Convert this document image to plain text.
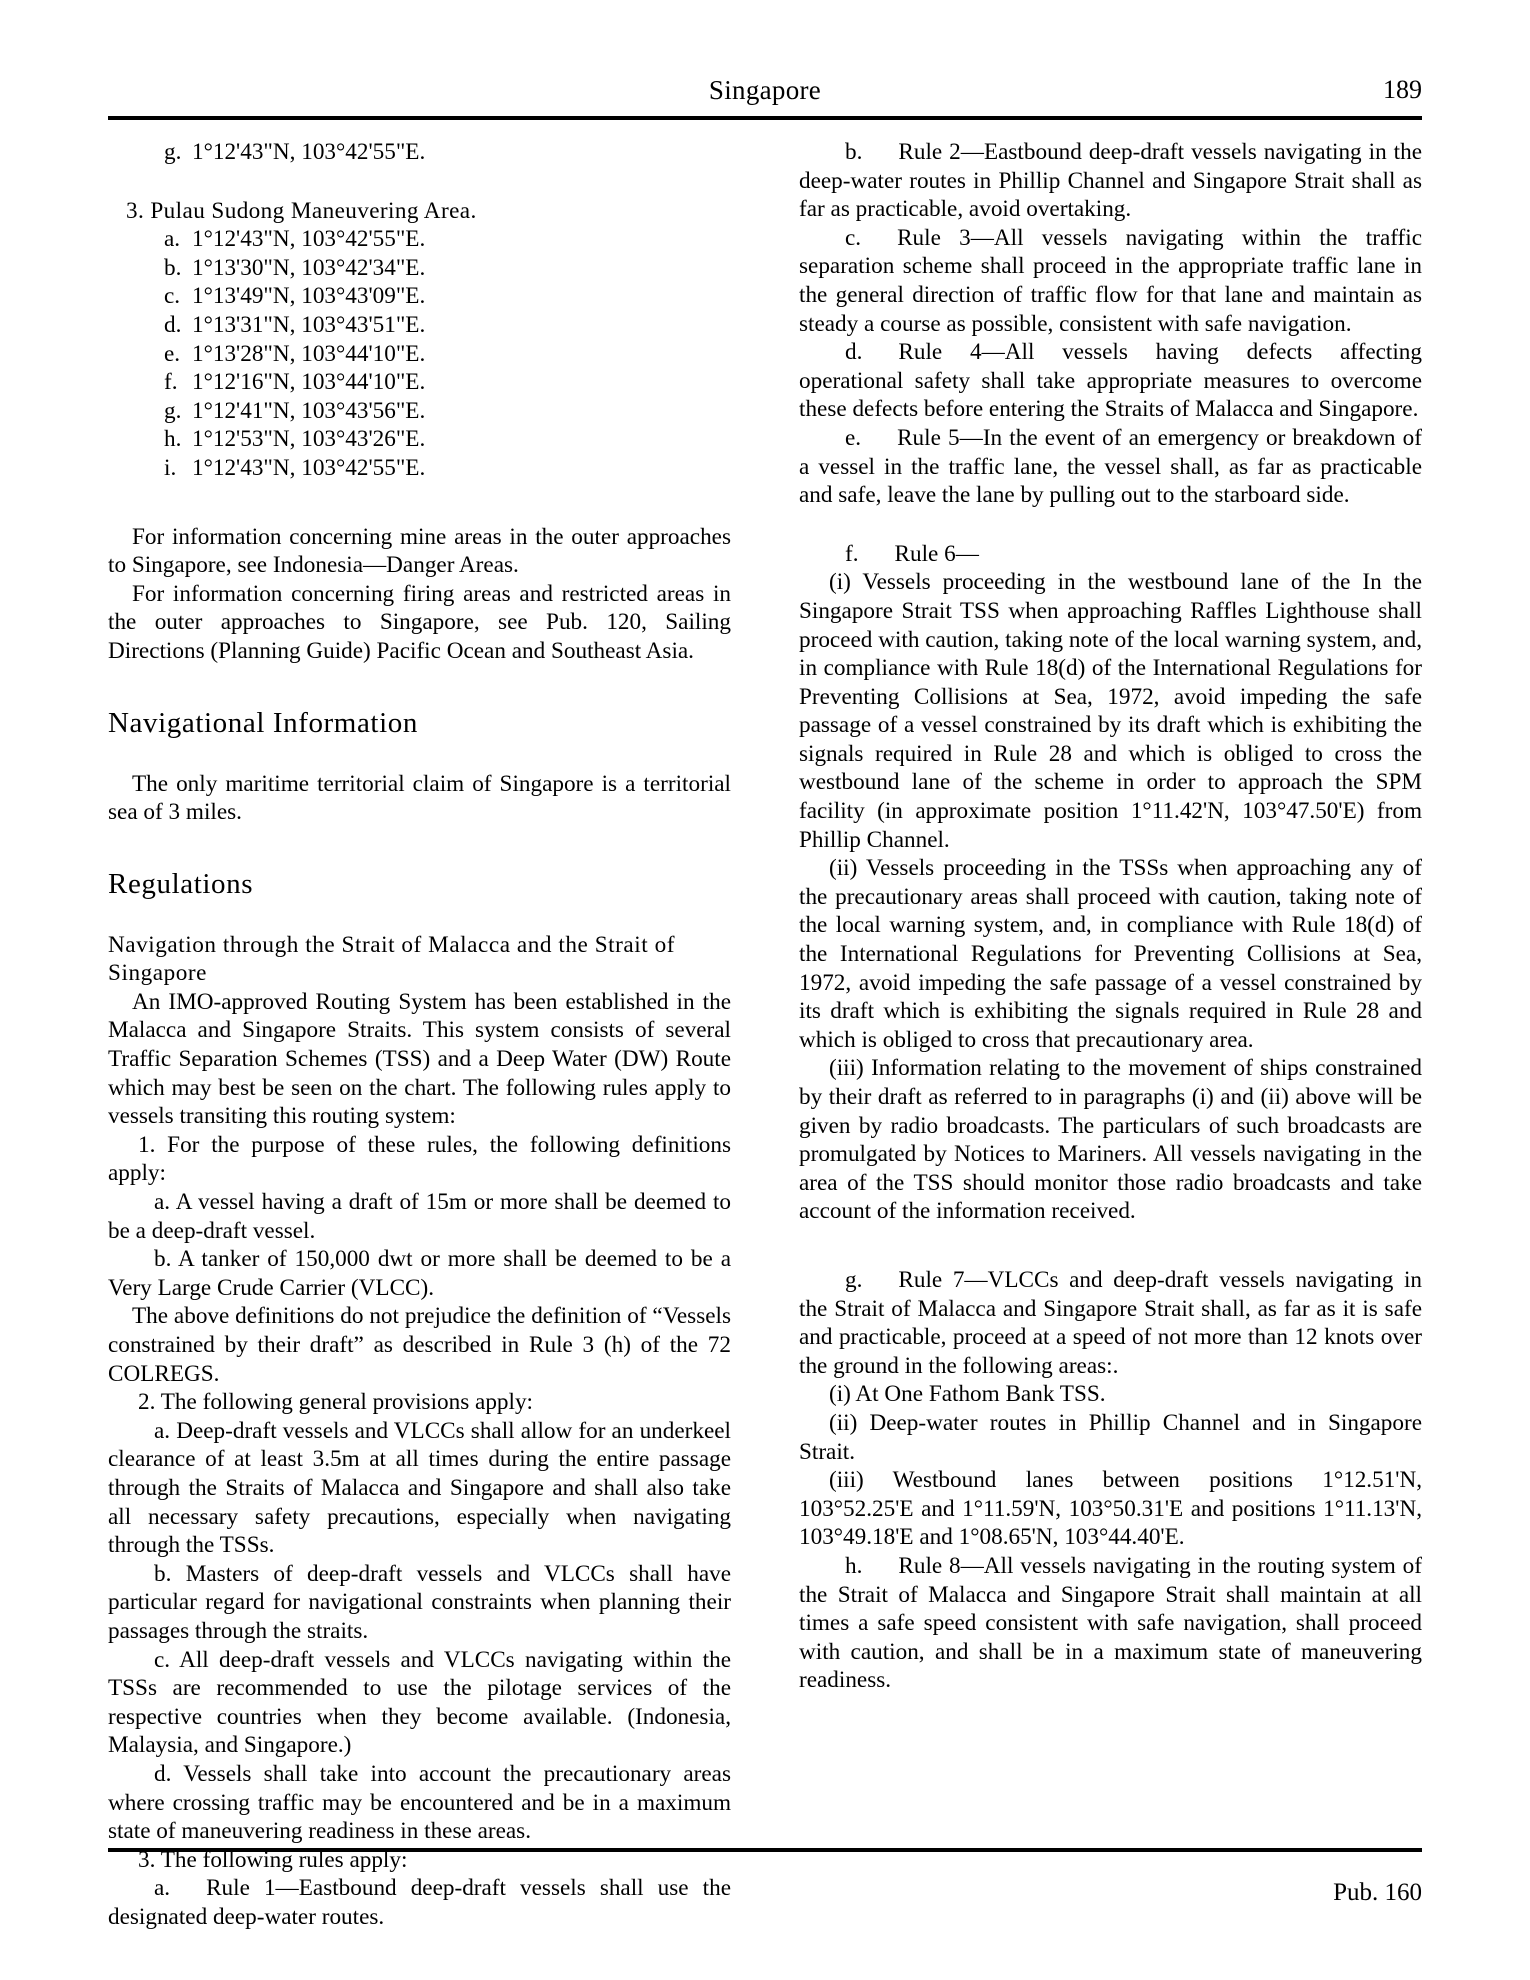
Singapore	189

g. 1°12'43"N, 103°42'55"E.

3. Pulau Sudong Maneuvering Area.

a. 1°12'43"N, 103°42'55"E.

b. 1°13'30"N, 103°42'34"E.

c. 1°13'49"N, 103°43'09"E.

d. 1°13'31"N, 103°43'51"E.

e. 1°13'28"N, 103°44'10"E.

f. 1°12'16"N, 103°44'10"E.

g. 1°12'41"N, 103°43'56"E.

h. 1°12'53"N, 103°43'26"E.

i. 1°12'43"N, 103°42'55"E.

For information concerning mine areas in the outer approaches to Singapore, see Indonesia—Danger Areas.

For information concerning firing areas and restricted areas in the outer approaches to Singapore, see Pub. 120, Sailing Directions (Planning Guide) Pacific Ocean and Southeast Asia.

Navigational Information

The only maritime territorial claim of Singapore is a territorial sea of 3 miles.

Regulations

Navigation through the Strait of Malacca and the Strait of Singapore

An IMO-approved Routing System has been established in the Malacca and Singapore Straits. This system consists of several Traffic Separation Schemes (TSS) and a Deep Water (DW) Route which may best be seen on the chart. The following rules apply to vessels transiting this routing system:

1. For the purpose of these rules, the following definitions apply:

a. A vessel having a draft of 15m or more shall be deemed to be a deep-draft vessel.

b. A tanker of 150,000 dwt or more shall be deemed to be a Very Large Crude Carrier (VLCC).

The above definitions do not prejudice the definition of “Vessels constrained by their draft” as described in Rule 3 (h) of the 72 COLREGS.

2. The following general provisions apply:

a. Deep-draft vessels and VLCCs shall allow for an underkeel clearance of at least 3.5m at all times during the entire passage through the Straits of Malacca and Singapore and shall also take all necessary safety precautions, especially when navigating through the TSSs.

b. Masters of deep-draft vessels and VLCCs shall have particular regard for navigational constraints when planning their passages through the straits.

c. All deep-draft vessels and VLCCs navigating within the TSSs are recommended to use the pilotage services of the respective countries when they become available. (Indonesia, Malaysia, and Singapore.)

d. Vessels shall take into account the precautionary areas where crossing traffic may be encountered and be in a maximum state of maneuvering readiness in these areas.

3. The following rules apply:

a. Rule 1—Eastbound deep-draft vessels shall use the designated deep-water routes.

b. Rule 2—Eastbound deep-draft vessels navigating in the deep-water routes in Phillip Channel and Singapore Strait shall as far as practicable, avoid overtaking.

c. Rule 3—All vessels navigating within the traffic separation scheme shall proceed in the appropriate traffic lane in the general direction of traffic flow for that lane and maintain as steady a course as possible, consistent with safe navigation.

d. Rule 4—All vessels having defects affecting operational safety shall take appropriate measures to overcome these defects before entering the Straits of Malacca and Singapore.

e. Rule 5—In the event of an emergency or breakdown of a vessel in the traffic lane, the vessel shall, as far as practicable and safe, leave the lane by pulling out to the starboard side.

f. Rule 6—

(i) Vessels proceeding in the westbound lane of the In the Singapore Strait TSS when approaching Raffles Lighthouse shall proceed with caution, taking note of the local warning system, and, in compliance with Rule 18(d) of the International Regulations for Preventing Collisions at Sea, 1972, avoid impeding the safe passage of a vessel constrained by its draft which is exhibiting the signals required in Rule 28 and which is obliged to cross the westbound lane of the scheme in order to approach the SPM facility (in approximate position 1°11.42'N, 103°47.50'E) from Phillip Channel.

(ii) Vessels proceeding in the TSSs when approaching any of the precautionary areas shall proceed with caution, taking note of the local warning system, and, in compliance with Rule 18(d) of the International Regulations for Preventing Collisions at Sea, 1972, avoid impeding the safe passage of a vessel constrained by its draft which is exhibiting the signals required in Rule 28 and which is obliged to cross that precautionary area.

(iii) Information relating to the movement of ships constrained by their draft as referred to in paragraphs (i) and (ii) above will be given by radio broadcasts. The particulars of such broadcasts are promulgated by Notices to Mariners. All vessels navigating in the area of the TSS should monitor those radio broadcasts and take account of the information received.

g. Rule 7—VLCCs and deep-draft vessels navigating in the Strait of Malacca and Singapore Strait shall, as far as it is safe and practicable, proceed at a speed of not more than 12 knots over the ground in the following areas:.

(i) At One Fathom Bank TSS.

(ii) Deep-water routes in Phillip Channel and in Singapore Strait.

(iii) Westbound lanes between positions 1°12.51'N, 103°52.25'E and 1°11.59'N, 103°50.31'E and positions 1°11.13'N, 103°49.18'E and 1°08.65'N, 103°44.40'E.

h. Rule 8—All vessels navigating in the routing system of the Strait of Malacca and Singapore Strait shall maintain at all times a safe speed consistent with safe navigation, shall proceed with caution, and shall be in a maximum state of maneuvering readiness.

Pub. 160
